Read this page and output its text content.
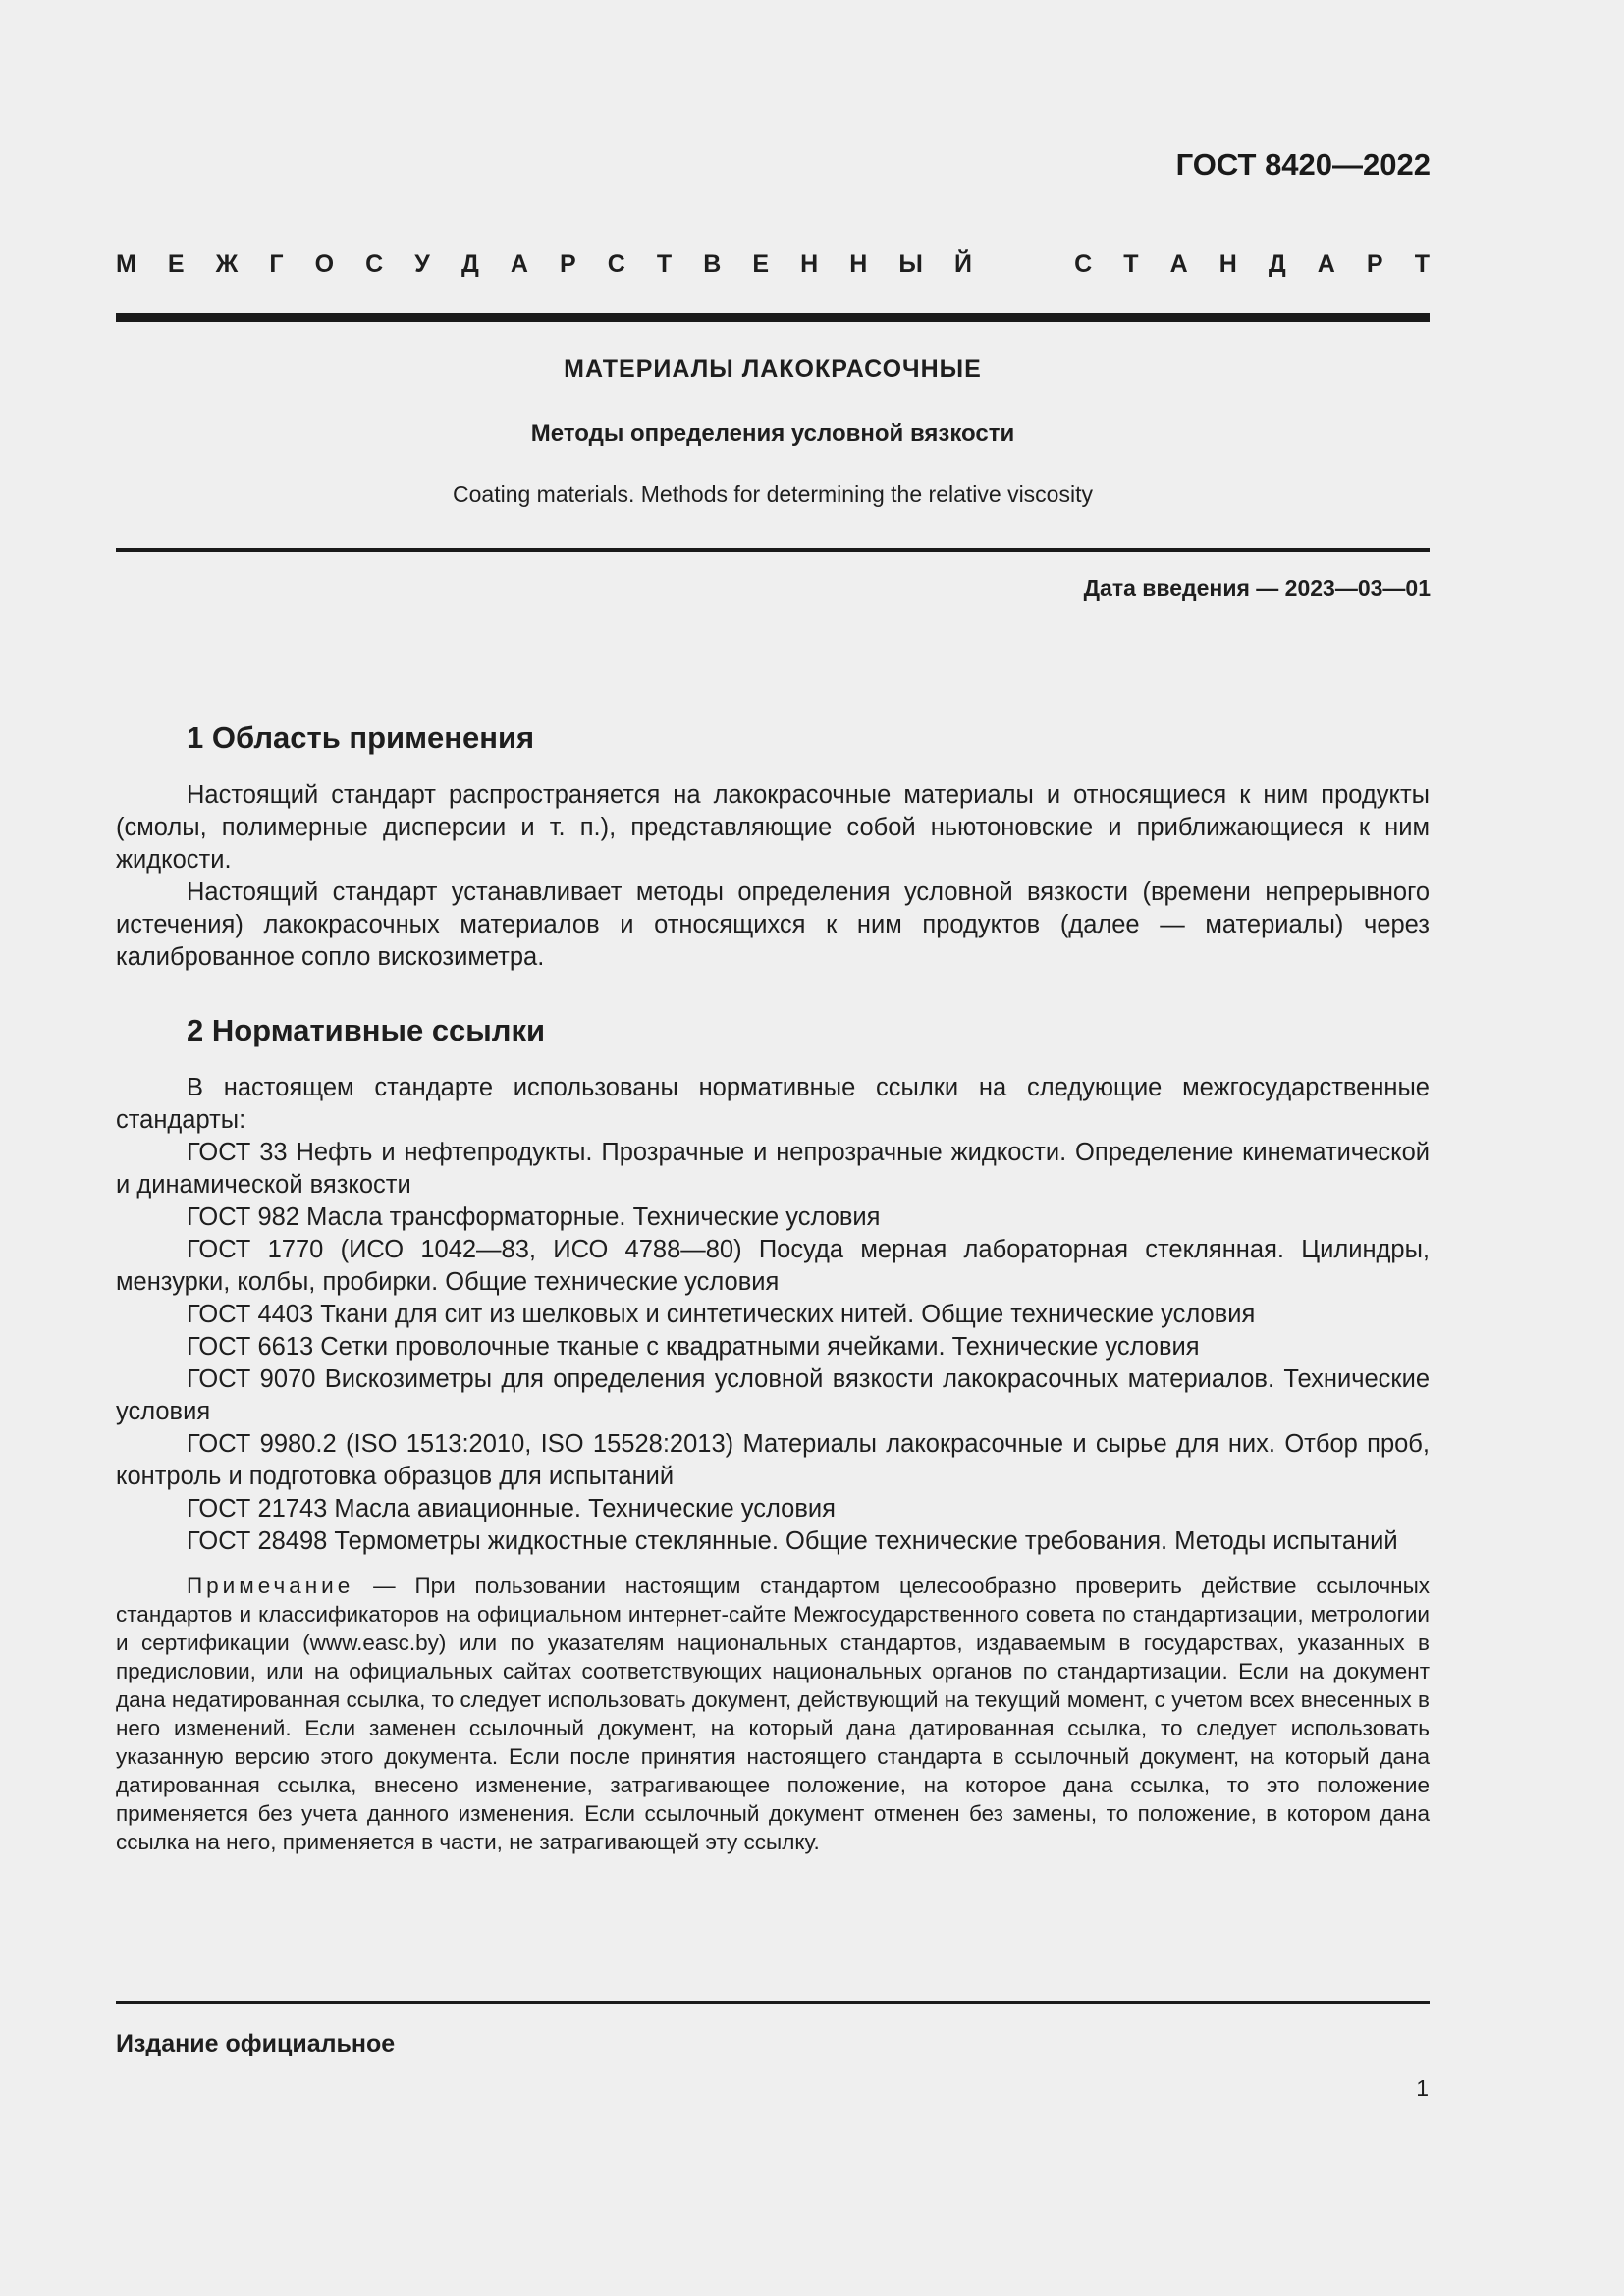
ГОСТ 8420—2022
М Е Ж Г О С У Д А Р С Т В Е Н Н Ы Й	С Т А Н Д А Р Т
МАТЕРИАЛЫ ЛАКОКРАСОЧНЫЕ
Методы определения условной вязкости
Coating materials. Methods for determining the relative viscosity
Дата введения — 2023—03—01
1 Область применения

Настоящий стандарт распространяется на лакокрасочные материалы и относящиеся к ним продукты (смолы, полимерные дисперсии и т. п.), представляющие собой ньютоновские и приближающиеся к ним жидкости.

Настоящий стандарт устанавливает методы определения условной вязкости (времени непрерывного истечения) лакокрасочных материалов и относящихся к ним продуктов (далее — материалы) через калиброванное сопло вискозиметра.

2 Нормативные ссылки

В настоящем стандарте использованы нормативные ссылки на следующие межгосударственные стандарты:

ГОСТ 33 Нефть и нефтепродукты. Прозрачные и непрозрачные жидкости. Определение кинематической и динамической вязкости

ГОСТ 982 Масла трансформаторные. Технические условия

ГОСТ 1770 (ИСО 1042—83, ИСО 4788—80) Посуда мерная лабораторная стеклянная. Цилиндры, мензурки, колбы, пробирки. Общие технические условия

ГОСТ 4403 Ткани для сит из шелковых и синтетических нитей. Общие технические условия

ГОСТ 6613 Сетки проволочные тканые с квадратными ячейками. Технические условия

ГОСТ 9070 Вискозиметры для определения условной вязкости лакокрасочных материалов. Технические условия

ГОСТ 9980.2 (ISO 1513:2010, ISO 15528:2013) Материалы лакокрасочные и сырье для них. Отбор проб, контроль и подготовка образцов для испытаний

ГОСТ 21743 Масла авиационные. Технические условия

ГОСТ 28498 Термометры жидкостные стеклянные. Общие технические требования. Методы испытаний

Примечание — При пользовании настоящим стандартом целесообразно проверить действие ссылочных стандартов и классификаторов на официальном интернет-сайте Межгосударственного совета по стандартизации, метрологии и сертификации (www.easc.by) или по указателям национальных стандартов, издаваемым в государствах, указанных в предисловии, или на официальных сайтах соответствующих национальных органов по стандартизации. Если на документ дана недатированная ссылка, то следует использовать документ, действующий на текущий момент, с учетом всех внесенных в него изменений. Если заменен ссылочный документ, на который дана датированная ссылка, то следует использовать указанную версию этого документа. Если после принятия настоящего стандарта в ссылочный документ, на который дана датированная ссылка, внесено изменение, затрагивающее положение, на которое дана ссылка, то это положение применяется без учета данного изменения. Если ссылочный документ отменен без замены, то положение, в котором дана ссылка на него, применяется в части, не затрагивающей эту ссылку.

Издание официальное
1
